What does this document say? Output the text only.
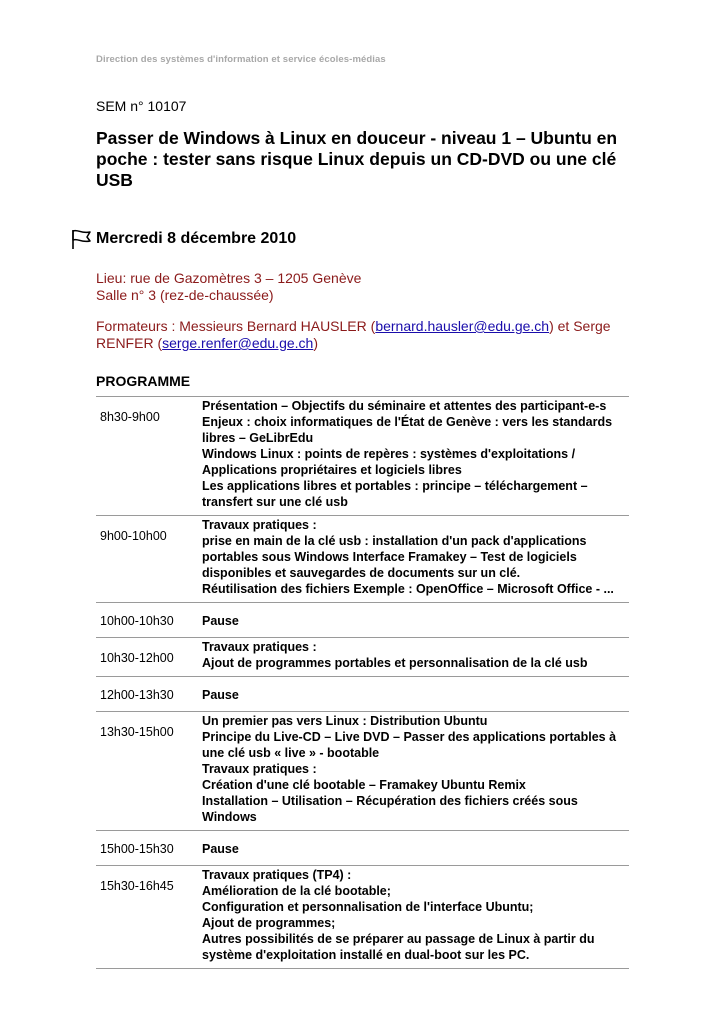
Direction des systèmes d'information et service écoles-médias
SEM n° 10107
Passer de Windows à Linux en douceur - niveau 1 – Ubuntu en poche : tester sans risque Linux depuis un CD-DVD ou une clé USB
Mercredi 8 décembre 2010
Lieu: rue de Gazomètres 3 – 1205 Genève
Salle n° 3 (rez-de-chaussée)
Formateurs : Messieurs Bernard HAUSLER (bernard.hausler@edu.ge.ch) et Serge RENFER (serge.renfer@edu.ge.ch)
PROGRAMME
8h30-9h00	Présentation – Objectifs du séminaire et attentes des participant-e-s
Enjeux : choix informatiques de l'État de Genève : vers les standards libres – GeLibrEdu
Windows Linux : points de repères : systèmes d'exploitations / Applications propriétaires et logiciels libres
Les applications libres et portables : principe – téléchargement – transfert sur une clé usb

9h00-10h00	Travaux pratiques :
prise en main de la clé usb : installation d'un pack d'applications portables sous Windows Interface Framakey – Test de logiciels disponibles et sauvegardes de documents sur un clé.
Réutilisation des fichiers Exemple : OpenOffice – Microsoft Office - ...

10h00-10h30	Pause

10h30-12h00	Travaux pratiques :
Ajout de programmes portables et personnalisation de la clé usb

12h00-13h30	Pause

13h30-15h00	Un premier pas vers Linux : Distribution Ubuntu
Principe du Live-CD – Live DVD – Passer des applications portables à une clé usb « live » - bootable
Travaux pratiques :
Création d'une clé bootable – Framakey Ubuntu Remix
Installation – Utilisation – Récupération des fichiers créés sous Windows

15h00-15h30	Pause

15h30-16h45	Travaux pratiques (TP4) :
Amélioration de la clé bootable;
Configuration et personnalisation de l'interface Ubuntu;
Ajout de programmes;
Autres possibilités de se préparer au passage de Linux à partir du système d'exploitation installé en dual-boot sur les PC.
